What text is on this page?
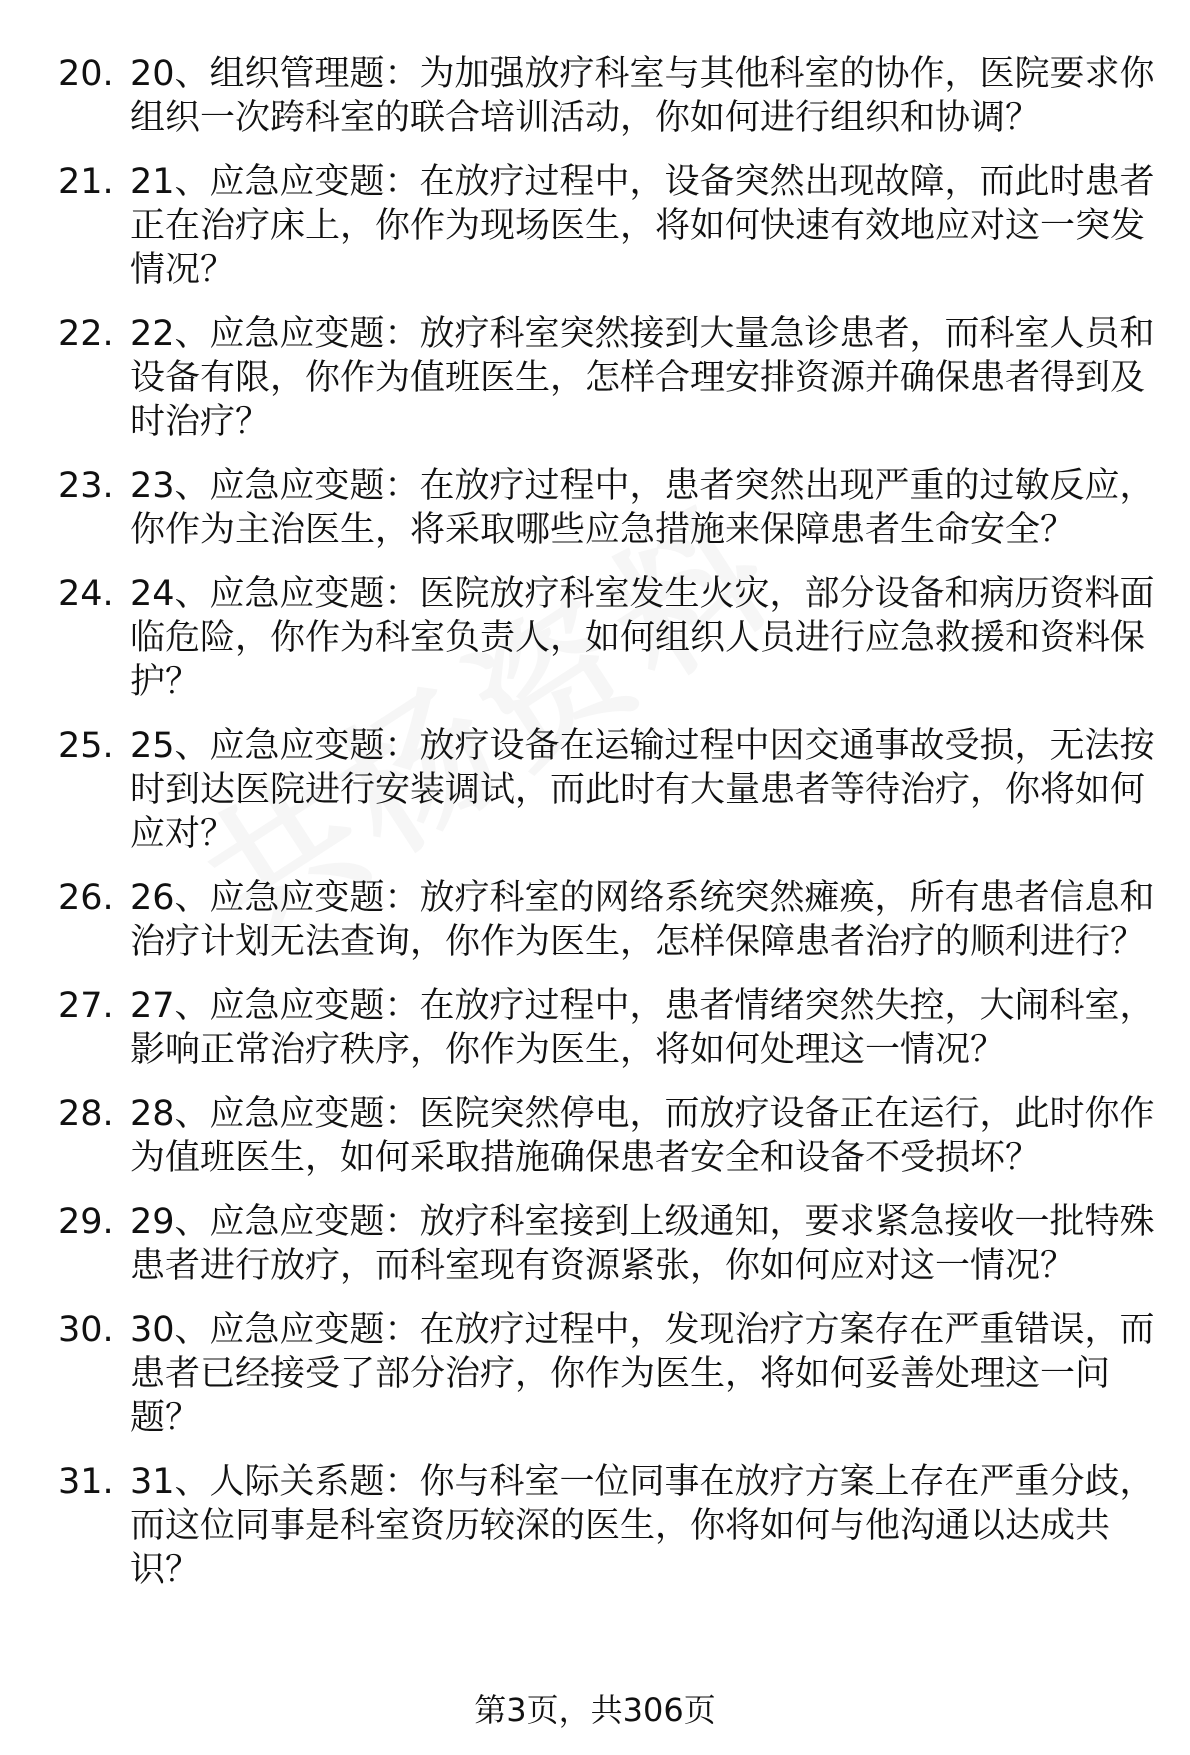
20. 20、组织管理题：为加强放疗科室与其他科室的协作，医院要求你组织一次跨科室的联合培训活动，你如何进行组织和协调？
21. 21、应急应变题：在放疗过程中，设备突然出现故障，而此时患者正在治疗床上，你作为现场医生，将如何快速有效地应对这一突发情况？
22. 22、应急应变题：放疗科室突然接到大量急诊患者，而科室人员和设备有限，你作为值班医生，怎样合理安排资源并确保患者得到及时治疗？
23. 23、应急应变题：在放疗过程中，患者突然出现严重的过敏反应，你作为主治医生，将采取哪些应急措施来保障患者生命安全？
24. 24、应急应变题：医院放疗科室发生火灾，部分设备和病历资料面临危险，你作为科室负责人，如何组织人员进行应急救援和资料保护？
25. 25、应急应变题：放疗设备在运输过程中因交通事故受损，无法按时到达医院进行安装调试，而此时有大量患者等待治疗，你将如何应对？
26. 26、应急应变题：放疗科室的网络系统突然瘫痪，所有患者信息和治疗计划无法查询，你作为医生，怎样保障患者治疗的顺利进行？
27. 27、应急应变题：在放疗过程中，患者情绪突然失控，大闹科室，影响正常治疗秩序，你作为医生，将如何处理这一情况？
28. 28、应急应变题：医院突然停电，而放疗设备正在运行，此时你作为值班医生，如何采取措施确保患者安全和设备不受损坏？
29. 29、应急应变题：放疗科室接到上级通知，要求紧急接收一批特殊患者进行放疗，而科室现有资源紧张，你如何应对这一情况？
30. 30、应急应变题：在放疗过程中，发现治疗方案存在严重错误，而患者已经接受了部分治疗，你作为医生，将如何妥善处理这一问题？
31. 31、人际关系题：你与科室一位同事在放疗方案上存在严重分歧，而这位同事是科室资历较深的医生，你将如何与他沟通以达成共识？
第3页，共306页
